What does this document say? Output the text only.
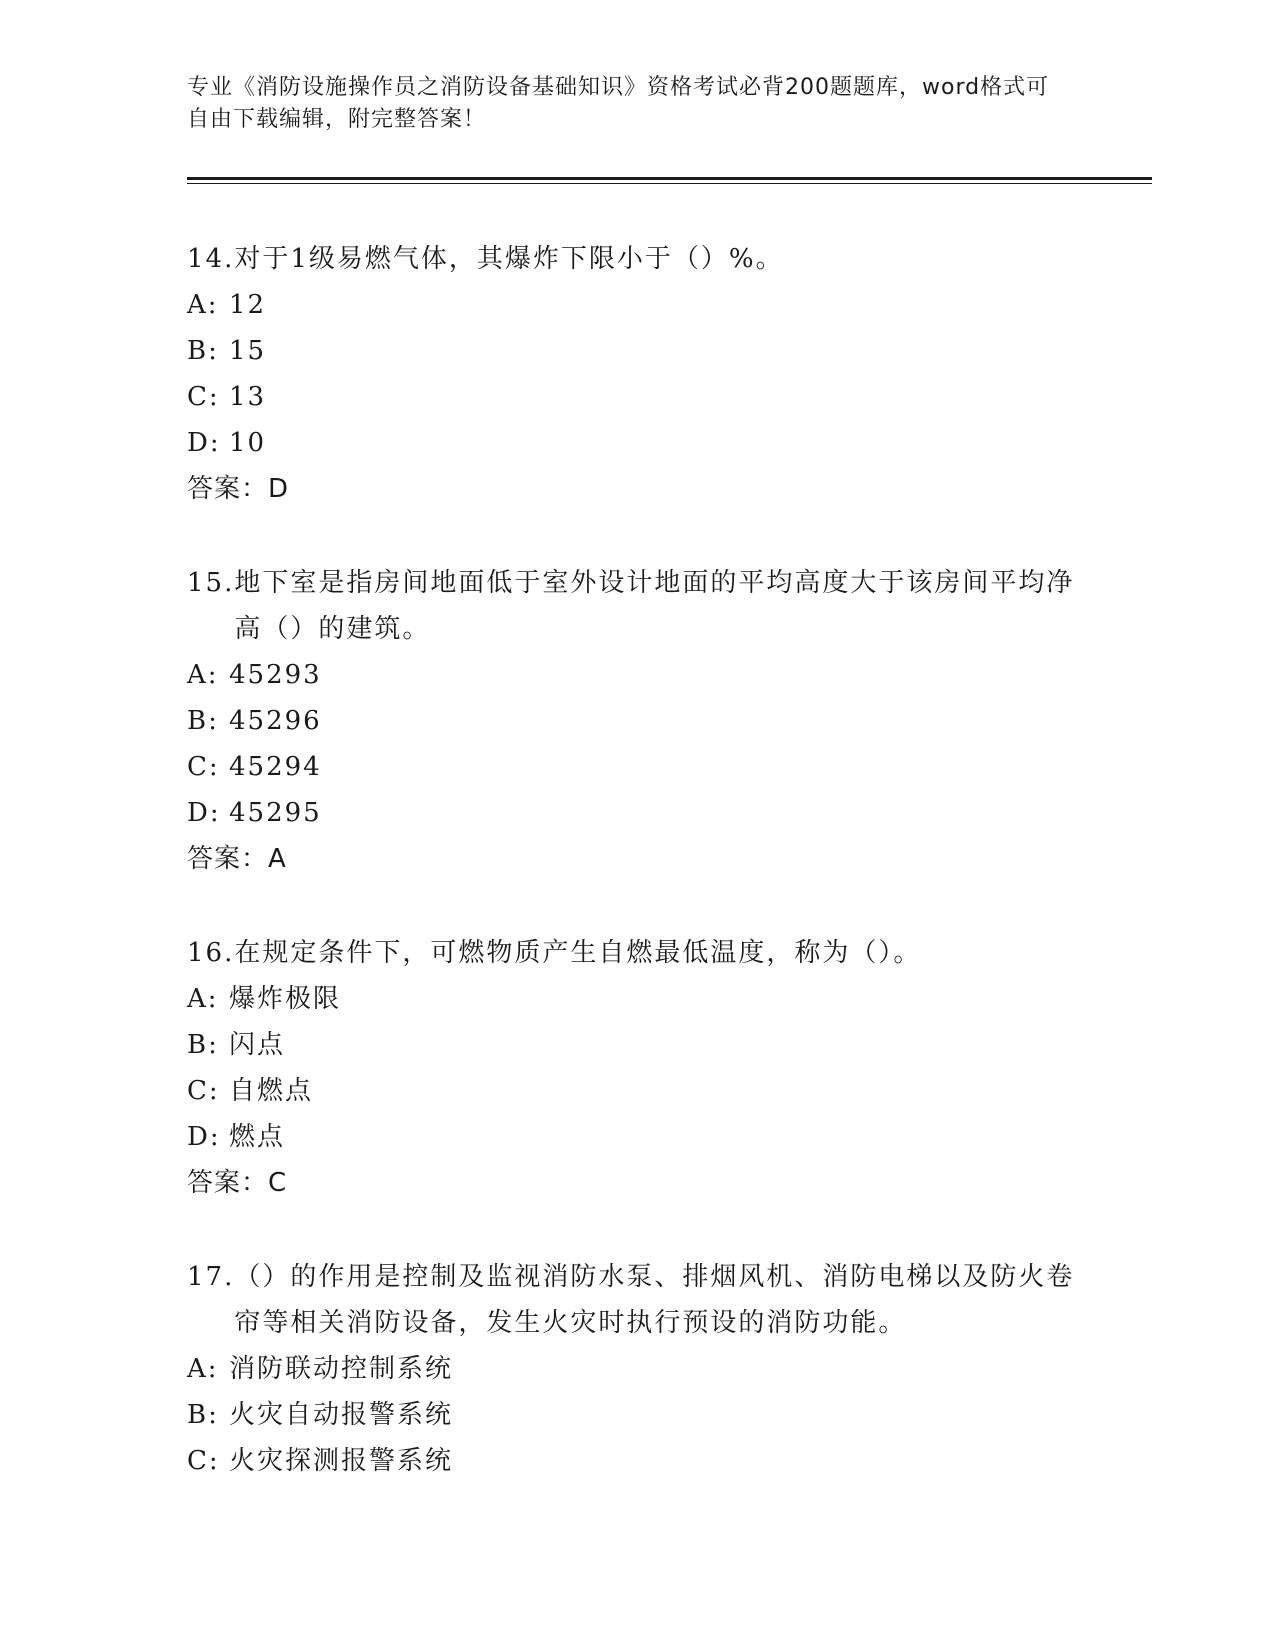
专业《消防设施操作员之消防设备基础知识》资格考试必背200题题库，word格式可自由下载编辑，附完整答案！
14. 对于1级易燃气体，其爆炸下限小于（）%。
A: 12
B: 15
C: 13
D: 10
答案：D
15. 地下室是指房间地面低于室外设计地面的平均高度大于该房间平均净高（）的建筑。
A: 45293
B: 45296
C: 45294
D: 45295
答案：A
16. 在规定条件下，可燃物质产生自燃最低温度，称为（）。
A: 爆炸极限
B: 闪点
C: 自燃点
D: 燃点
答案：C
17. （）的作用是控制及监视消防水泵、排烟风机、消防电梯以及防火卷帘等相关消防设备，发生火灾时执行预设的消防功能。
A: 消防联动控制系统
B: 火灾自动报警系统
C: 火灾探测报警系统
